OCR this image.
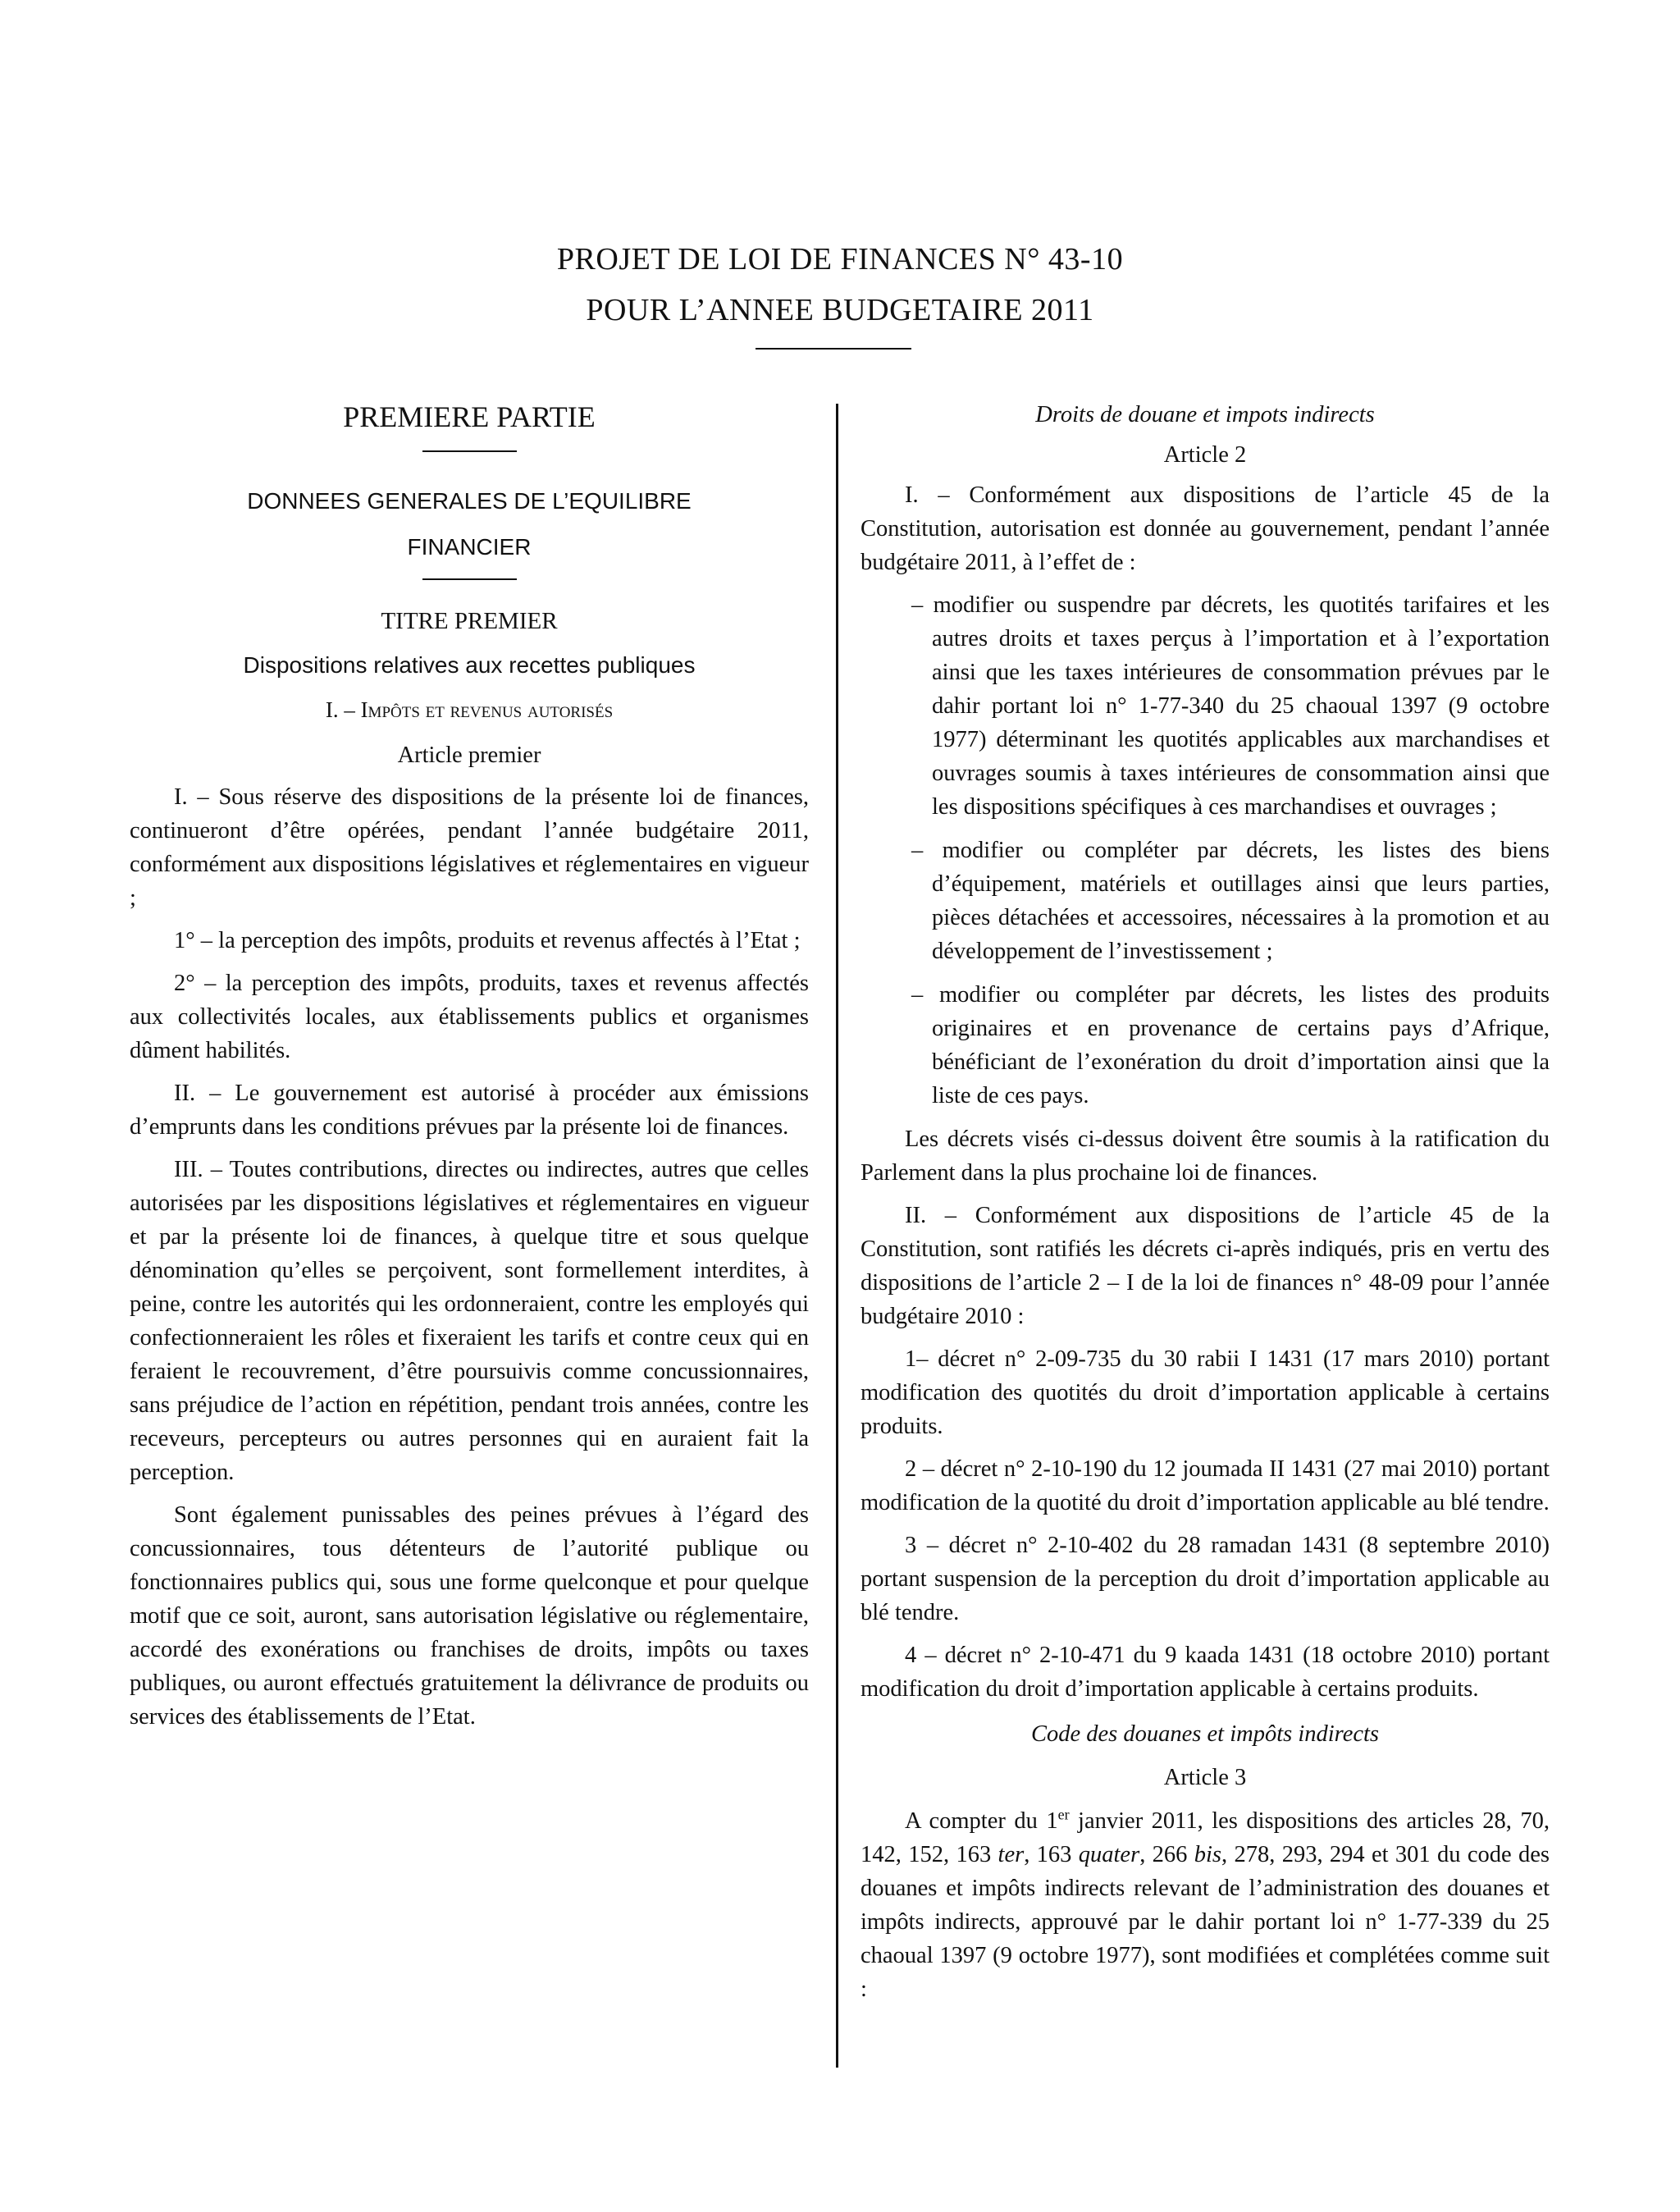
PROJET DE LOI DE FINANCES N° 43-10
POUR L’ANNEE BUDGETAIRE 2011

PREMIERE PARTIE

DONNEES GENERALES DE L’EQUILIBRE

FINANCIER

TITRE PREMIER

Dispositions relatives aux recettes publiques

I. – Impôts et revenus autorisés

Article premier

I. – Sous réserve des dispositions de la présente loi de finances, continueront d’être opérées, pendant l’année budgétaire 2011, conformément aux dispositions législatives et réglementaires en vigueur ;

1° – la perception des impôts, produits et revenus affectés à l’Etat ;

2° – la perception des impôts, produits, taxes et revenus affectés aux collectivités locales, aux établissements publics et organismes dûment habilités.

II. – Le gouvernement est autorisé à procéder aux émissions d’emprunts dans les conditions prévues par la présente loi de finances.

III. – Toutes contributions, directes ou indirectes, autres que celles autorisées par les dispositions législatives et réglementaires en vigueur et par la présente loi de finances, à quelque titre et sous quelque dénomination qu’elles se perçoivent, sont formellement interdites, à peine, contre les autorités qui les ordonneraient, contre les employés qui confectionneraient les rôles et fixeraient les tarifs et contre ceux qui en feraient le recouvrement, d’être poursuivis comme concussionnaires, sans préjudice de l’action en répétition, pendant trois années, contre les receveurs, percepteurs ou autres personnes qui en auraient fait la perception.

Sont également punissables des peines prévues à l’égard des concussionnaires, tous détenteurs de l’autorité publique ou fonctionnaires publics qui, sous une forme quelconque et pour quelque motif que ce soit, auront, sans autorisation législative ou réglementaire, accordé des exonérations ou franchises de droits, impôts ou taxes publiques, ou auront effectués gratuitement la délivrance de produits ou services des établissements de l’Etat.

Droits de douane et impots indirects

Article 2

I. – Conformément aux dispositions de l’article 45 de la Constitution, autorisation est donnée au gouvernement, pendant l’année budgétaire 2011, à l’effet de :

– modifier ou suspendre par décrets, les quotités tarifaires et les autres droits et taxes perçus à l’importation et à l’exportation ainsi que les taxes intérieures de consommation prévues par le dahir portant loi n° 1-77-340 du 25 chaoual 1397 (9 octobre 1977) déterminant les quotités applicables aux marchandises et ouvrages soumis à taxes intérieures de consommation ainsi que les dispositions spécifiques à ces marchandises et ouvrages ;

– modifier ou compléter par décrets, les listes des biens d’équipement, matériels et outillages ainsi que leurs parties, pièces détachées et accessoires, nécessaires à la promotion et au développement de l’investissement ;

– modifier ou compléter par décrets, les listes des produits originaires et en provenance de certains pays d’Afrique, bénéficiant de l’exonération du droit d’importation ainsi que la liste de ces pays.

Les décrets visés ci-dessus doivent être soumis à la ratification du Parlement dans la plus prochaine loi de finances.

II. – Conformément aux dispositions de l’article 45 de la Constitution, sont ratifiés les décrets ci-après indiqués, pris en vertu des dispositions de l’article 2 – I de la loi de finances n° 48-09 pour l’année budgétaire 2010 :

1– décret n° 2-09-735 du 30 rabii I 1431 (17 mars 2010) portant modification des quotités du droit d’importation applicable à certains produits.

2 – décret n° 2-10-190 du 12 joumada II 1431 (27 mai 2010) portant modification de la quotité du droit d’importation applicable au blé tendre.

3 – décret n° 2-10-402 du 28 ramadan 1431 (8 septembre 2010) portant suspension de la perception du droit d’importation applicable au blé tendre.

4 – décret n° 2-10-471 du 9 kaada 1431 (18 octobre 2010) portant modification du droit d’importation applicable à certains produits.

Code des douanes et impôts indirects

Article 3

A compter du 1er janvier 2011, les dispositions des articles 28, 70, 142, 152, 163 ter, 163 quater, 266 bis, 278, 293, 294 et 301 du code des douanes et impôts indirects relevant de l’administration des douanes et impôts indirects, approuvé par le dahir portant loi n° 1-77-339 du 25 chaoual 1397 (9 octobre 1977), sont modifiées et complétées comme suit :
